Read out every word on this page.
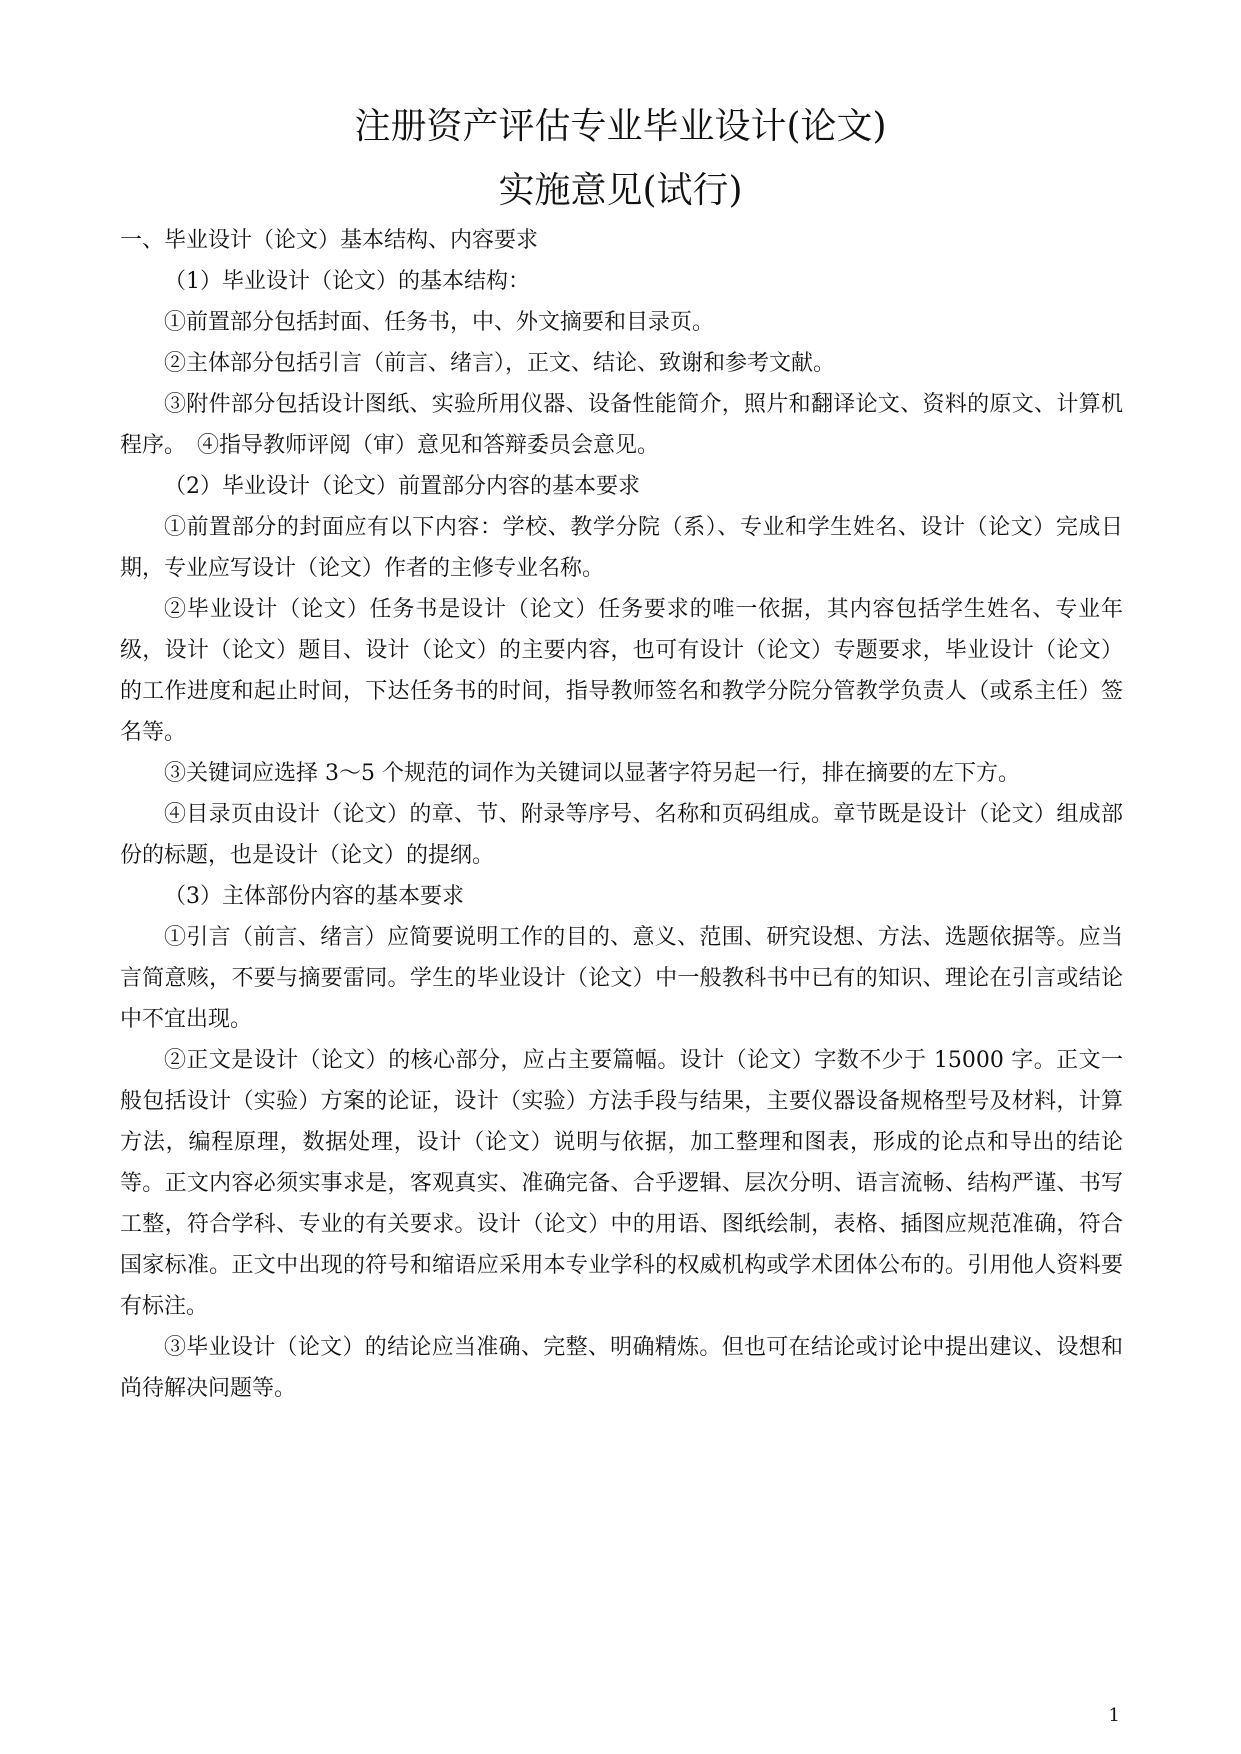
注册资产评估专业毕业设计(论文)
实施意见(试行)

一、毕业设计（论文）基本结构、内容要求

（1）毕业设计（论文）的基本结构：

①前置部分包括封面、任务书，中、外文摘要和目录页。

②主体部分包括引言（前言、绪言），正文、结论、致谢和参考文献。

③附件部分包括设计图纸、实验所用仪器、设备性能简介，照片和翻译论文、资料的原文、计算机程序。　④指导教师评阅（审）意见和答辩委员会意见。

（2）毕业设计（论文）前置部分内容的基本要求

①前置部分的封面应有以下内容：学校、教学分院（系）、专业和学生姓名、设计（论文）完成日期，专业应写设计（论文）作者的主修专业名称。

②毕业设计（论文）任务书是设计（论文）任务要求的唯一依据，其内容包括学生姓名、专业年级，设计（论文）题目、设计（论文）的主要内容，也可有设计（论文）专题要求，毕业设计（论文）的工作进度和起止时间，下达任务书的时间，指导教师签名和教学分院分管教学负责人（或系主任）签名等。

③关键词应选择 3～5 个规范的词作为关键词以显著字符另起一行，排在摘要的左下方。

④目录页由设计（论文）的章、节、附录等序号、名称和页码组成。章节既是设计（论文）组成部份的标题，也是设计（论文）的提纲。

（3）主体部份内容的基本要求

①引言（前言、绪言）应简要说明工作的目的、意义、范围、研究设想、方法、选题依据等。应当言简意赅，不要与摘要雷同。学生的毕业设计（论文）中一般教科书中已有的知识、理论在引言或结论中不宜出现。

②正文是设计（论文）的核心部分，应占主要篇幅。设计（论文）字数不少于 15000 字。正文一般包括设计（实验）方案的论证，设计（实验）方法手段与结果，主要仪器设备规格型号及材料，计算方法，编程原理，数据处理，设计（论文）说明与依据，加工整理和图表，形成的论点和导出的结论等。正文内容必须实事求是，客观真实、准确完备、合乎逻辑、层次分明、语言流畅、结构严谨、书写工整，符合学科、专业的有关要求。设计（论文）中的用语、图纸绘制，表格、插图应规范准确，符合国家标准。正文中出现的符号和缩语应采用本专业学科的权威机构或学术团体公布的。引用他人资料要有标注。

③毕业设计（论文）的结论应当准确、完整、明确精炼。但也可在结论或讨论中提出建议、设想和尚待解决问题等。

1
